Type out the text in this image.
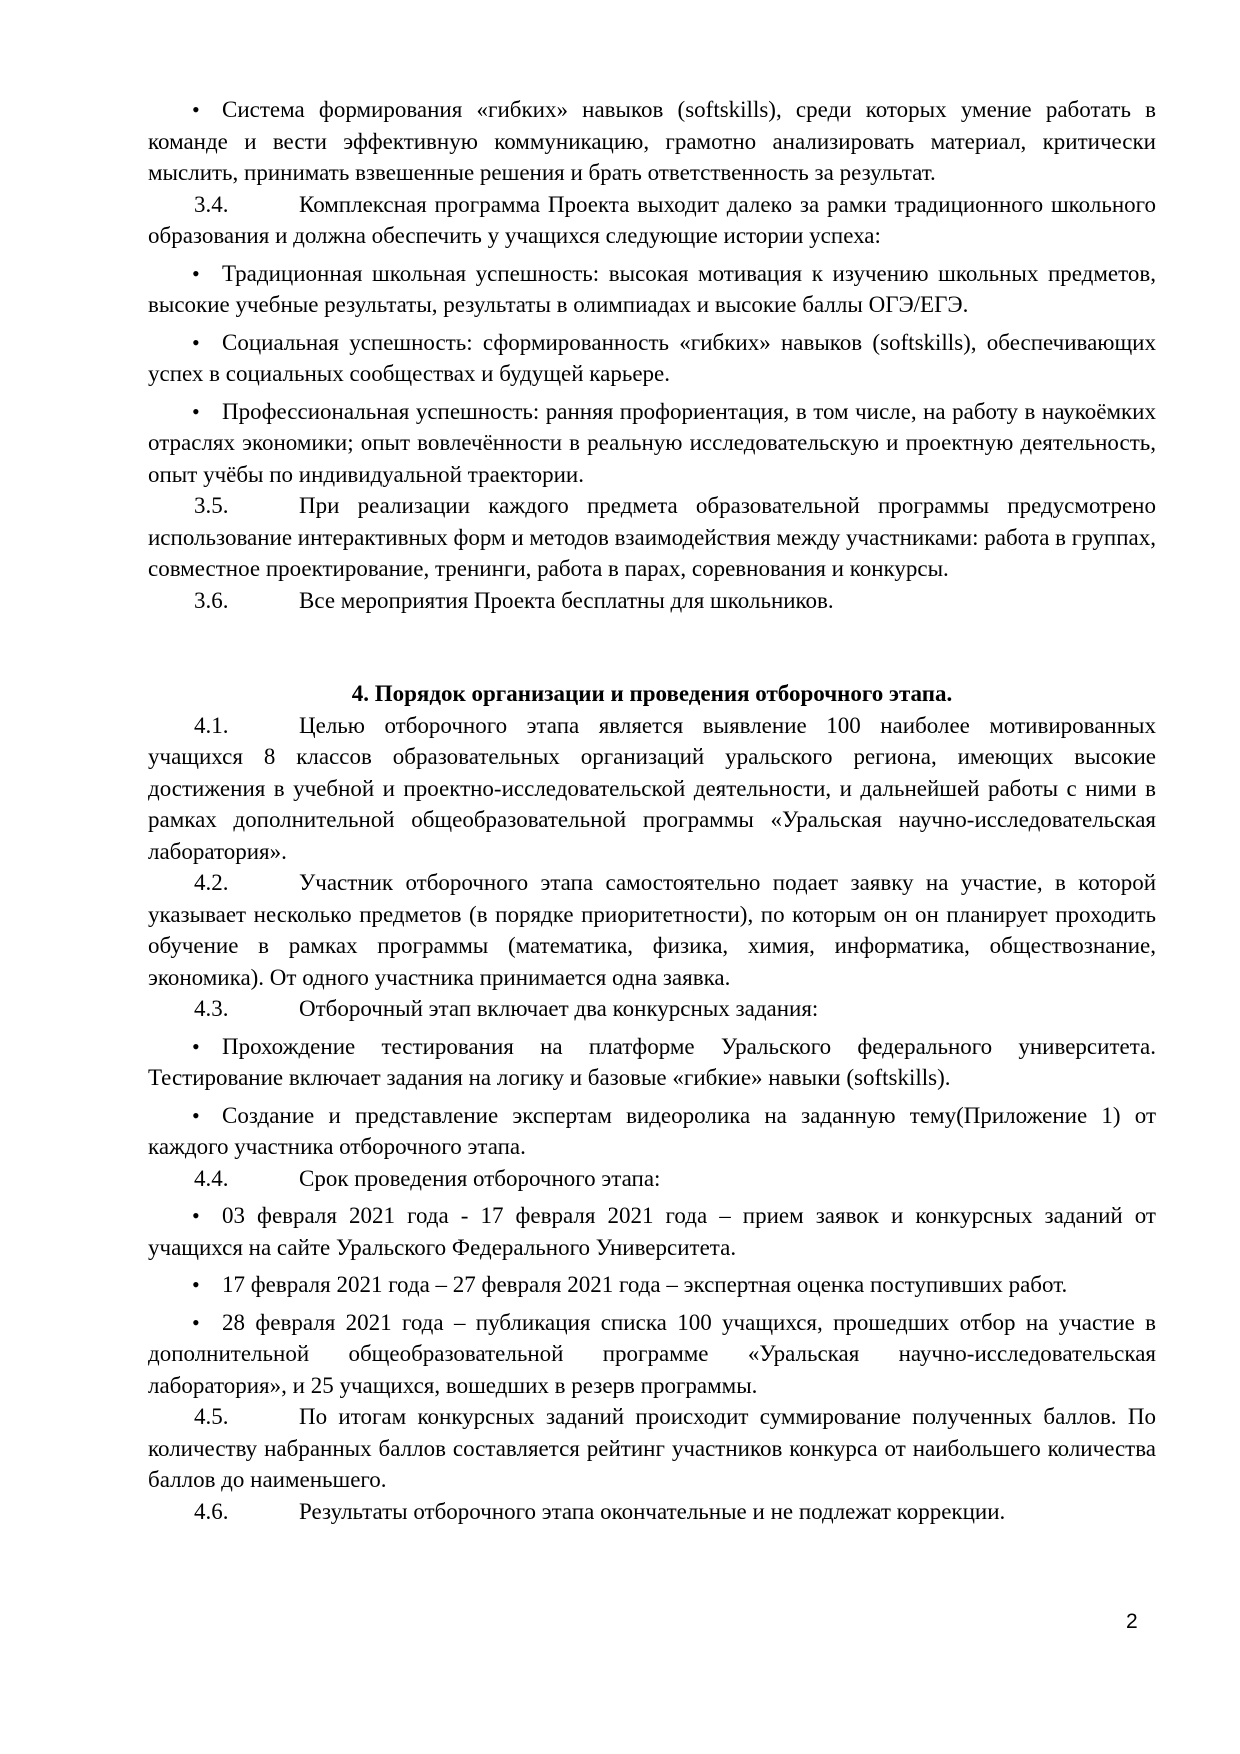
• Система формирования «гибких» навыков (softskills), среди которых умение работать в команде и вести эффективную коммуникацию, грамотно анализировать материал, критически мыслить, принимать взвешенные решения и брать ответственность за результат.

3.4.	Комплексная программа Проекта выходит далеко за рамки традиционного школьного образования и должна обеспечить у учащихся следующие истории успеха:

• Традиционная школьная успешность: высокая мотивация к изучению школьных предметов, высокие учебные результаты, результаты в олимпиадах и высокие баллы ОГЭ/ЕГЭ.

• Социальная успешность: сформированность «гибких» навыков (softskills), обеспечивающих успех в социальных сообществах и будущей карьере.

• Профессиональная успешность: ранняя профориентация, в том числе, на работу в наукоёмких отраслях экономики; опыт вовлечённости в реальную исследовательскую и проектную деятельность, опыт учёбы по индивидуальной траектории.

3.5.	При реализации каждого предмета образовательной программы предусмотрено использование интерактивных форм и методов взаимодействия между участниками: работа в группах, совместное проектирование, тренинги, работа в парах, соревнования и конкурсы.

3.6.	Все мероприятия Проекта бесплатны для школьников.

4. Порядок организации и проведения отборочного этапа.

4.1.	Целью отборочного этапа является выявление 100 наиболее мотивированных учащихся 8 классов образовательных организаций уральского региона, имеющих высокие достижения в учебной и проектно-исследовательской деятельности, и дальнейшей работы с ними в рамках дополнительной общеобразовательной программы «Уральская научно-исследовательская лаборатория».

4.2.	Участник отборочного этапа самостоятельно подает заявку на участие, в которой указывает несколько предметов (в порядке приоритетности), по которым он он планирует проходить обучение в рамках программы (математика, физика, химия, информатика, обществознание, экономика). От одного участника принимается одна заявка.

4.3.	Отборочный этап включает два конкурсных задания:

• Прохождение тестирования на платформе Уральского федерального университета. Тестирование включает задания на логику и базовые «гибкие» навыки (softskills).

• Создание и представление экспертам видеоролика на заданную тему(Приложение 1) от каждого участника отборочного этапа.

4.4.	Срок проведения отборочного этапа:

• 03 февраля 2021 года - 17 февраля 2021 года – прием заявок и конкурсных заданий от учащихся на сайте Уральского Федерального Университета.

• 17 февраля 2021 года – 27 февраля 2021 года – экспертная оценка поступивших работ.

• 28 февраля 2021 года – публикация списка 100 учащихся, прошедших отбор на участие в дополнительной общеобразовательной программе «Уральская научно-исследовательская лаборатория», и 25 учащихся, вошедших в резерв программы.

4.5.	По итогам конкурсных заданий происходит суммирование полученных баллов. По количеству набранных баллов составляется рейтинг участников конкурса от наибольшего количества баллов до наименьшего.

4.6.	Результаты отборочного этапа окончательные и не подлежат коррекции.

2
